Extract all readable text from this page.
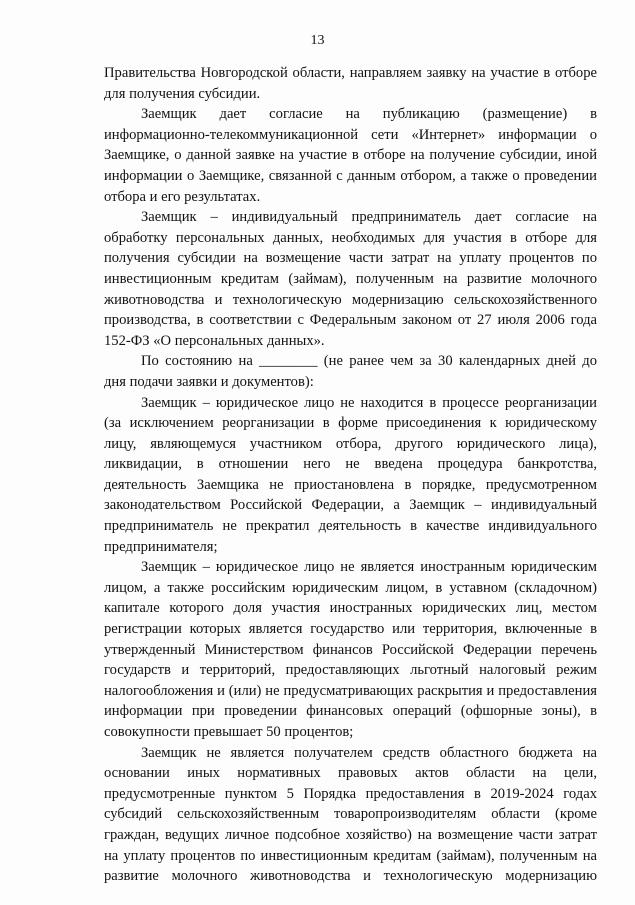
13
Правительства Новгородской области, направляем заявку на участие в отборе
для получения субсидии.
Заемщик дает согласие на публикацию (размещение) в
информационно-телекоммуникационной сети «Интернет» информации о
Заемщике, о данной заявке на участие в отборе на получение субсидии, иной
информации о Заемщике, связанной с данным отбором, а также о проведении
отбора и его результатах.
Заемщик – индивидуальный предприниматель дает согласие на
обработку персональных данных, необходимых для участия в отборе для
получения субсидии на возмещение части затрат на уплату процентов по
инвестиционным кредитам (займам), полученным на развитие молочного
животноводства и технологическую модернизацию сельскохозяйственного
производства, в соответствии с Федеральным законом от 27 июля 2006 года
152-ФЗ «О персональных данных».
По состоянию на ________ (не ранее чем за 30 календарных дней до
дня подачи заявки и документов):
Заемщик – юридическое лицо не находится в процессе реорганизации
(за исключением реорганизации в форме присоединения к юридическому
лицу, являющемуся участником отбора, другого юридического лица),
ликвидации, в отношении него не введена процедура банкротства,
деятельность Заемщика не приостановлена в порядке, предусмотренном
законодательством Российской Федерации, а Заемщик – индивидуальный
предприниматель не прекратил деятельность в качестве индивидуального
предпринимателя;
Заемщик – юридическое лицо не является иностранным юридическим
лицом, а также российским юридическим лицом, в уставном (складочном)
капитале которого доля участия иностранных юридических лиц, местом
регистрации которых является государство или территория, включенные в
утвержденный Министерством финансов Российской Федерации перечень
государств и территорий, предоставляющих льготный налоговый режим
налогообложения и (или) не предусматривающих раскрытия и предоставления
информации при проведении финансовых операций (офшорные зоны), в
совокупности превышает 50 процентов;
Заемщик не является получателем средств областного бюджета на
основании иных нормативных правовых актов области на цели,
предусмотренные пунктом 5 Порядка предоставления в 2019-2024 годах
субсидий сельскохозяйственным товаропроизводителям области (кроме
граждан, ведущих личное подсобное хозяйство) на возмещение части затрат
на уплату процентов по инвестиционным кредитам (займам), полученным на
развитие молочного животноводства и технологическую модернизацию
